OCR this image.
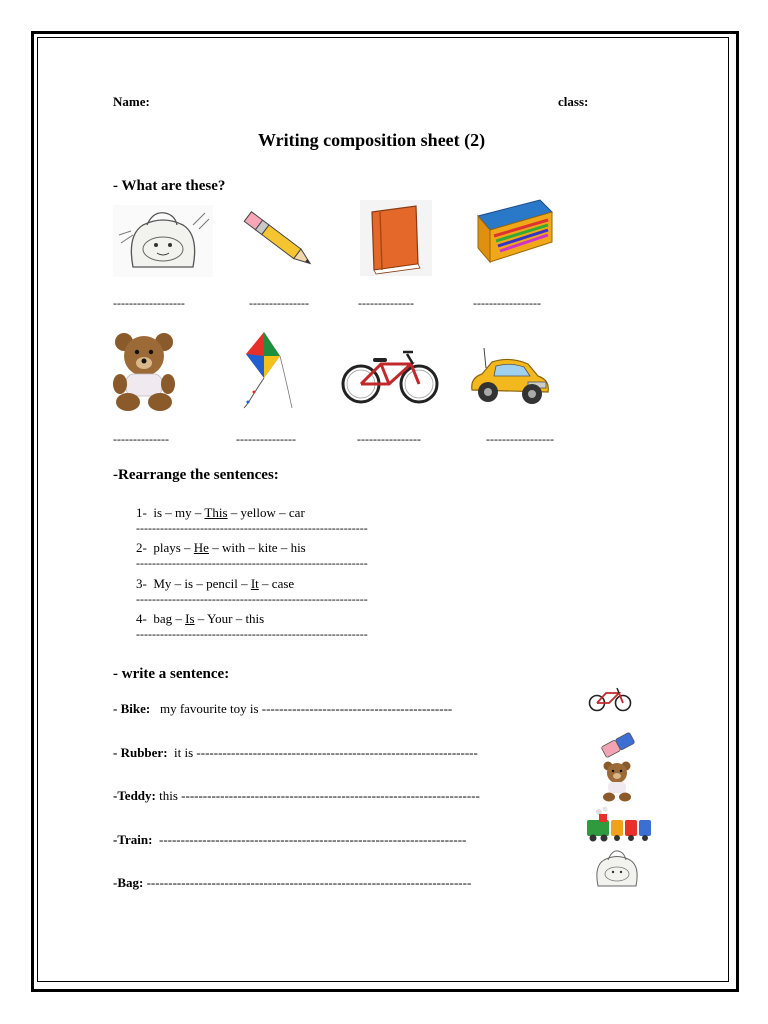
Name:	class:
Writing composition sheet (2)
- What are these?
------------------	---------------	--------------	-----------------
--------------	---------------	----------------	-----------------
-Rearrange the sentences:
1- is – my – This – yellow – car
----------------------------------------------------------
2- plays – He – with – kite – his
----------------------------------------------------------
3- My – is – pencil – It – case
----------------------------------------------------------
4- bag – Is – Your – this
----------------------------------------------------------
- write a sentence:
- Bike: my favourite toy is --------------------------------------------
- Rubber: it is -----------------------------------------------------------------
-Teddy: this ---------------------------------------------------------------------
-Train: -----------------------------------------------------------------------
-Bag: ---------------------------------------------------------------------------
